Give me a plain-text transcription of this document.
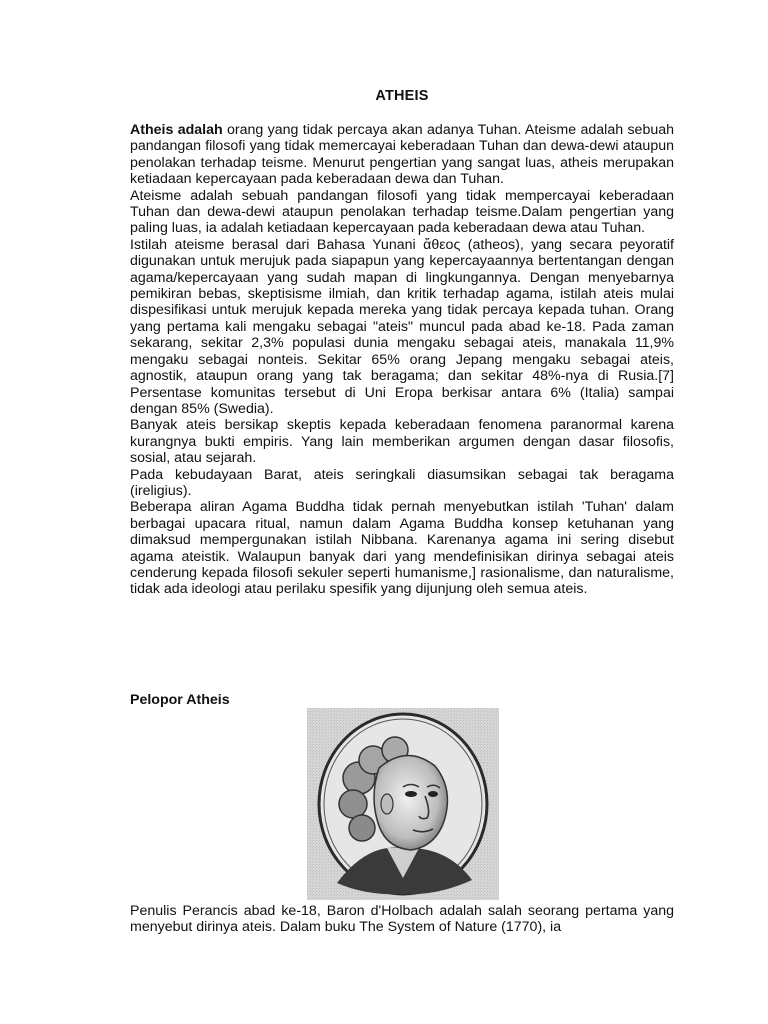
ATHEIS

Atheis adalah orang yang tidak percaya akan adanya Tuhan. Ateisme adalah sebuah pandangan filosofi yang tidak memercayai keberadaan Tuhan dan dewa-dewi ataupun penolakan terhadap teisme. Menurut pengertian yang sangat luas, atheis merupakan ketiadaan kepercayaan pada keberadaan dewa dan Tuhan.

Ateisme adalah sebuah pandangan filosofi yang tidak mempercayai keberadaan Tuhan dan dewa-dewi ataupun penolakan terhadap teisme.Dalam pengertian yang paling luas, ia adalah ketiadaan kepercayaan pada keberadaan dewa atau Tuhan.

Istilah ateisme berasal dari Bahasa Yunani ἄθεος (atheos), yang secara peyoratif digunakan untuk merujuk pada siapapun yang kepercayaannya bertentangan dengan agama/kepercayaan yang sudah mapan di lingkungannya. Dengan menyebarnya pemikiran bebas, skeptisisme ilmiah, dan kritik terhadap agama, istilah ateis mulai dispesifikasi untuk merujuk kepada mereka yang tidak percaya kepada tuhan. Orang yang pertama kali mengaku sebagai "ateis" muncul pada abad ke-18. Pada zaman sekarang, sekitar 2,3% populasi dunia mengaku sebagai ateis, manakala 11,9% mengaku sebagai nonteis. Sekitar 65% orang Jepang mengaku sebagai ateis, agnostik, ataupun orang yang tak beragama; dan sekitar 48%-nya di Rusia.[7] Persentase komunitas tersebut di Uni Eropa berkisar antara 6% (Italia) sampai dengan 85% (Swedia).

Banyak ateis bersikap skeptis kepada keberadaan fenomena paranormal karena kurangnya bukti empiris. Yang lain memberikan argumen dengan dasar filosofis, sosial, atau sejarah.

Pada kebudayaan Barat, ateis seringkali diasumsikan sebagai tak beragama (ireligius).

Beberapa aliran Agama Buddha tidak pernah menyebutkan istilah 'Tuhan' dalam berbagai upacara ritual, namun dalam Agama Buddha konsep ketuhanan yang dimaksud mempergunakan istilah Nibbana. Karenanya agama ini sering disebut agama ateistik. Walaupun banyak dari yang mendefinisikan dirinya sebagai ateis cenderung kepada filosofi sekuler seperti humanisme,] rasionalisme, dan naturalisme, tidak ada ideologi atau perilaku spesifik yang dijunjung oleh semua ateis.

Pelopor Atheis

Penulis Perancis abad ke-18, Baron d'Holbach adalah salah seorang pertama yang menyebut dirinya ateis. Dalam buku The System of Nature (1770), ia
